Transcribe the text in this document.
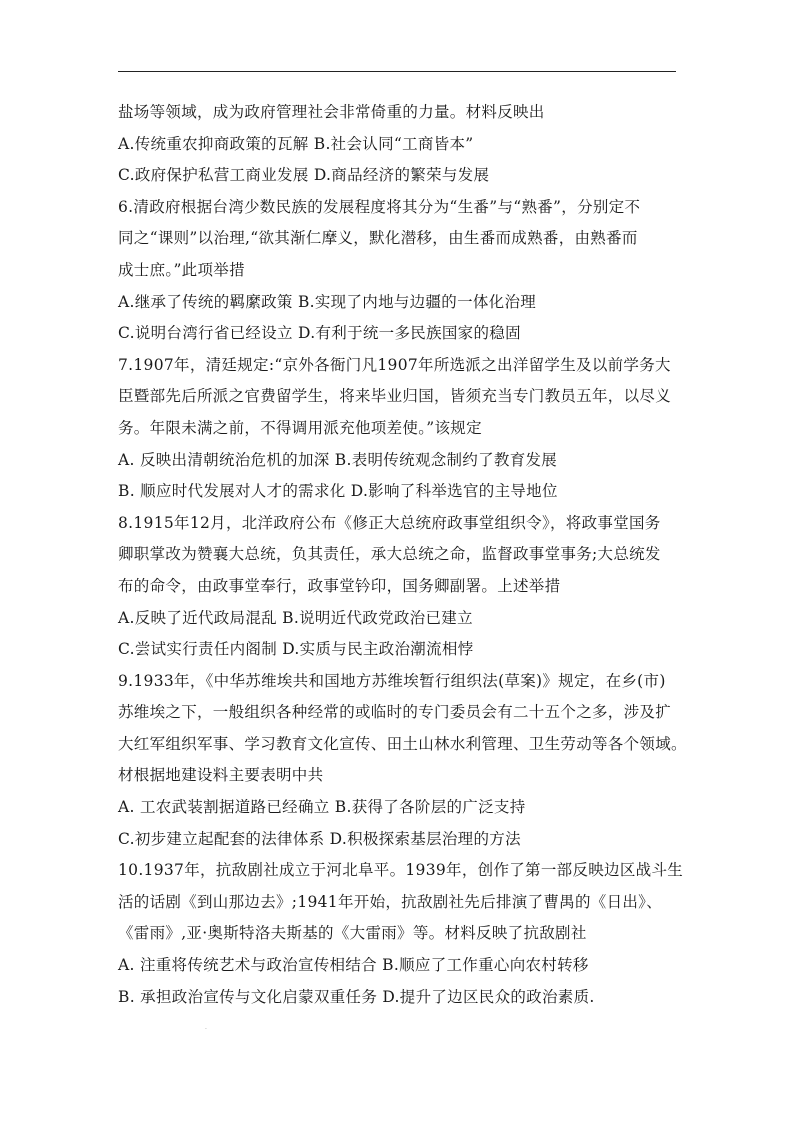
盐场等领域，成为政府管理社会非常倚重的力量。材料反映出
A.传统重农抑商政策的瓦解 B.社会认同“工商皆本”
C.政府保护私营工商业发展 D.商品经济的繁荣与发展
6.清政府根据台湾少数民族的发展程度将其分为“生番”与“熟番”，分别定不
同之“课则”以治理,“欲其渐仁摩义，默化潜移，由生番而成熟番，由熟番而
成士庶。”此项举措
A.继承了传统的羁縻政策 B.实现了内地与边疆的一体化治理
C.说明台湾行省已经设立 D.有利于统一多民族国家的稳固
7.1907年，清廷规定:“京外各衙门凡1907年所选派之出洋留学生及以前学务大
臣暨部先后所派之官费留学生，将来毕业归国，皆须充当专门教员五年，以尽义
务。年限未满之前，不得调用派充他项差使。”该规定
A. 反映出清朝统治危机的加深 B.表明传统观念制约了教育发展
B. 顺应时代发展对人才的需求化 D.影响了科举选官的主导地位
8.1915年12月，北洋政府公布《修正大总统府政事堂组织令》，将政事堂国务
卿职掌改为赞襄大总统，负其责任，承大总统之命，监督政事堂事务;大总统发
布的命令，由政事堂奉行，政事堂钤印，国务卿副署。上述举措
A.反映了近代政局混乱 B.说明近代政党政治已建立
C.尝试实行责任内阁制 D.实质与民主政治潮流相悖
9.1933年，《中华苏维埃共和国地方苏维埃暂行组织法(草案)》规定，在乡(市)
苏维埃之下，一般组织各种经常的或临时的专门委员会有二十五个之多，涉及扩
大红军组织军事、学习教育文化宣传、田土山林水利管理、卫生劳动等各个领域。
材根据地建设料主要表明中共
A. 工农武装割据道路已经确立 B.获得了各阶层的广泛支持
C.初步建立起配套的法律体系 D.积极探索基层治理的方法
10.1937年，抗敌剧社成立于河北阜平。1939年，创作了第一部反映边区战斗生
活的话剧《到山那边去》;1941年开始，抗敌剧社先后排演了曹禺的《日出》、
《雷雨》,亚·奥斯特洛夫斯基的《大雷雨》等。材料反映了抗敌剧社
A. 注重将传统艺术与政治宣传相结合 B.顺应了工作重心向农村转移
B. 承担政治宣传与文化启蒙双重任务 D.提升了边区民众的政治素质.
.
